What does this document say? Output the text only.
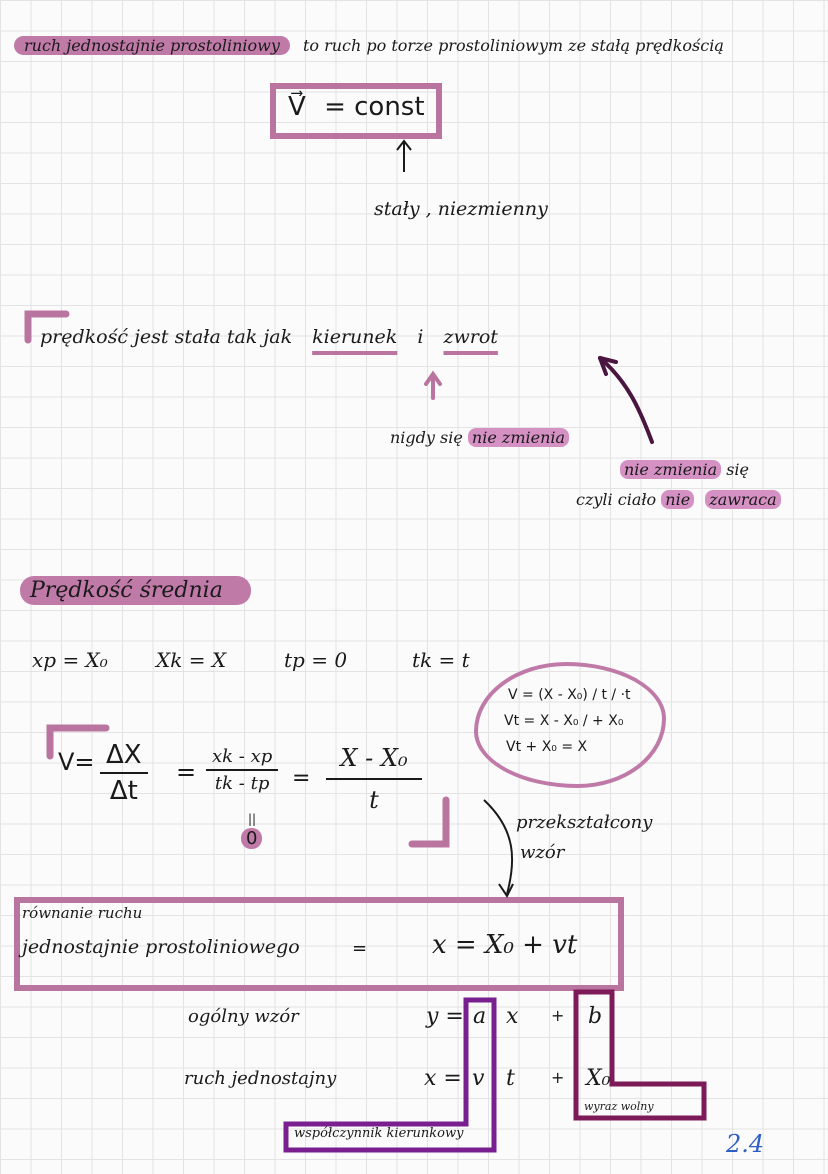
ruch jednostajnie prostoliniowy to ruch po torze prostoliniowym ze stałą prędkością
V⃗ = const
stały , niezmienny
prędkość jest stała tak jak kierunek i zwrot
nigdy się nie zmienia
nie zmienia się
czyli ciało nie zawraca
Prędkość średnia
xp = X₀ Xk = X	tp = 0	tk = t
V = (X - X₀) / t / ·t
Vt = X - X₀ / + X₀
Vt + X₀ = X
$V= \frac{\Delta X}{\Delta t} = \frac{xk - xp}{tk - tp}$
||
0
= $\frac{\text{X - X₀}}{t}$
przekształcony
wzór
równanie ruchu
jednostajnie prostoliniowego	= x = X₀ + vt
ogólny wzór	y = a x + b
ruch jednostajny	x = v t + X₀
wyraz wolny
współczynnik kierunkowy	2.4
